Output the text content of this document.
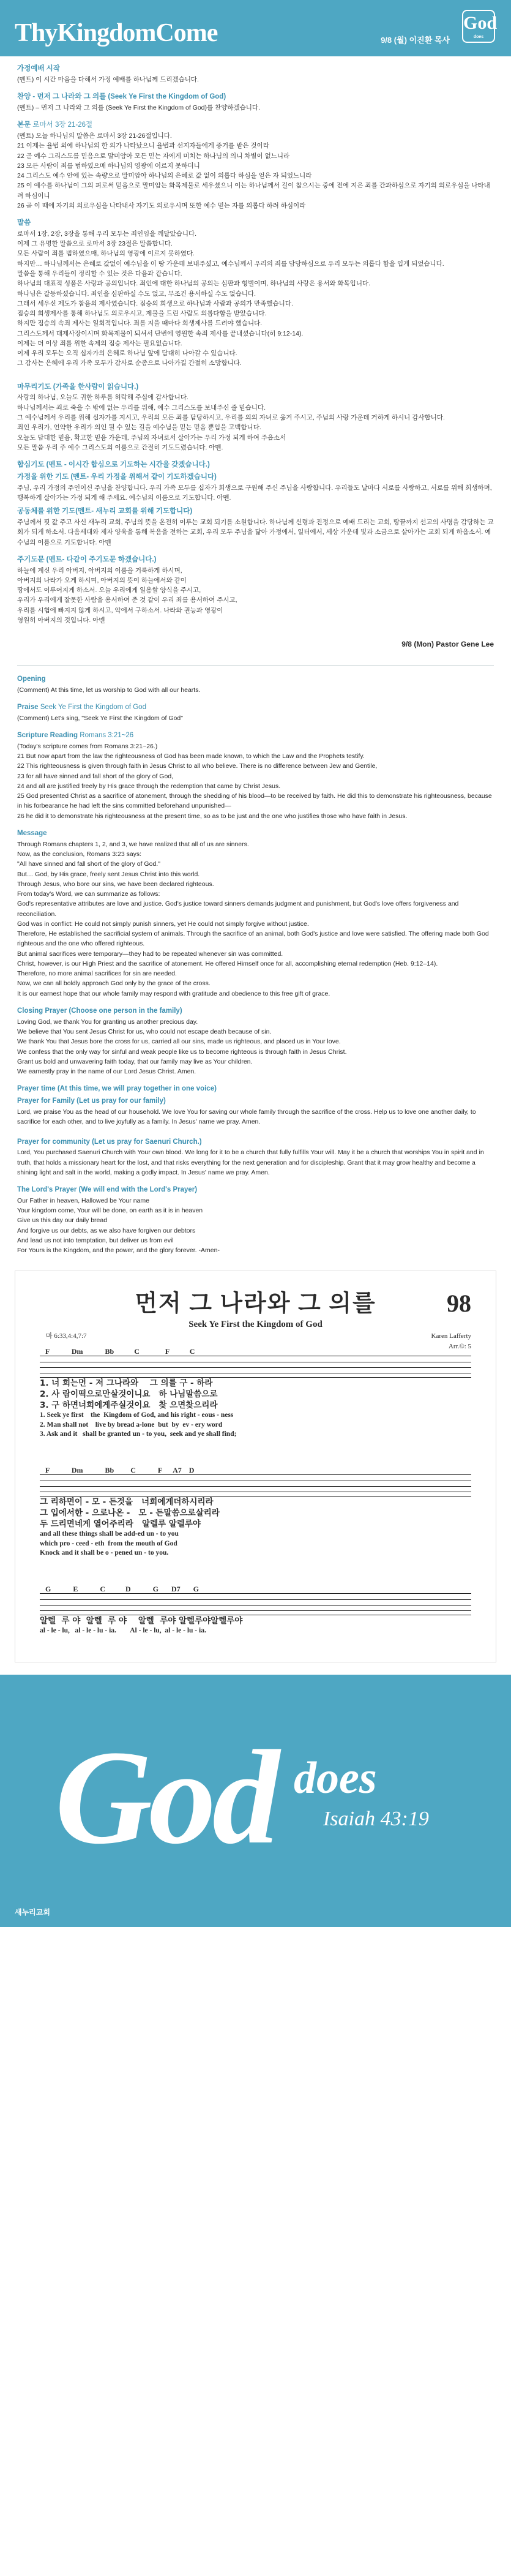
ThyKingdomCome	9/8 (월) 이진환 목사
God
does
가정예배 시작
(멘트) 이 시간 마음을 다해서 가정 예배를 하나님께 드리겠습니다.
찬양 - 먼저 그 나라와 그 의를 (Seek Ye First the Kingdom of God)
(멘트) – 먼저 그 나라와 그 의를 (Seek Ye First the Kingdom of God)를 찬양하겠습니다.
본문 로마서 3장 21-26절
(멘트) 오늘 하나님의 말씀은 로마서 3장 21-26절입니다.
21 이제는 율법 외에 하나님의 한 의가 나타났으니 율법과 선지자들에게 증거를 받은 것이라
22 곧 예수 그리스도를 믿음으로 말미암아 모든 믿는 자에게 미치는 하나님의 의니 차별이 없느니라
23 모든 사람이 죄를 범하였으매 하나님의 영광에 이르지 못하더니
24 그리스도 예수 안에 있는 속량으로 말미암아 하나님의 은혜로 값 없이 의롭다 하심을 얻은 자 되었느니라
25 이 예수를 하나님이 그의 피로써 믿음으로 말미암는 화목제물로 세우셨으니 이는 하나님께서 길이 참으시는 중에 전에 지은 죄를 간과하심으로 자기의 의로우심을 나타내려 하심이니
26 곧 이 때에 자기의 의로우심을 나타내사 자기도 의로우시며 또한 예수 믿는 자를 의롭다 하려 하심이라
말씀
로마서 1장, 2장, 3장을 통해 우리 모두는 죄인임을 깨달았습니다.
이제 그 유명한 말씀으로 로마서 3장 23절은 말씀합니다.
모든 사람이 죄를 범하였으매, 하나님의 영광에 이르지 못하였다.
하지만… 하나님께서는 은혜로 값없이 예수님을 이 땅 가운데 보내주셨고, 예수님께서 우리의 죄를 담당하심으로 우리 모두는 의롭다 함을 입게 되었습니다.
말씀을 통해 우리들이 정리할 수 있는 것은 다음과 같습니다.
하나님의 대표적 성품은 사랑과 공의입니다. 죄인에 대한 하나님의 공의는 심판과 형벌이며, 하나님의 사랑은 용서와 화목입니다.
하나님은 갈등하셨습니다. 죄인을 심판하실 수도 없고, 무조건 용서하실 수도 없습니다.
그래서 세우신 제도가 참음의 제사였습니다. 짐승의 희생으로 하나님과 사람과 공의가 만족했습니다.
짐승의 희생제사를 통해 하나님도 의로우시고, 제물을 드린 사람도 의롭다함을 받았습니다.
하지만 짐승의 속죄 제사는 일회적입니다. 죄를 지을 때마다 희생제사를 드려야 했습니다.
그리스도께서 대제사장이시며 화목제물이 되셔서 단번에 영원한 속죄 제사를 끝내셨습니다(히 9:12-14).
이제는 더 이상 죄를 위한 속제의 짐승 제사는 필요없습니다.
이제 우리 모두는 오직 십자가의 은혜로 하나님 앞에 담대히 나아갈 수 있습니다.
그 감사는 은혜에 우리 가족 모두가 감사로 순종으로 나아가길 간절히 소망합니다.
마무리기도 (가족을 한사람이 읽습니다.)
사랑의 하나님, 오늘도 귀한 하루를 허락해 주심에 감사합니다.
하나님께서는 죄로 죽을 수 밖에 없는 우리를 위해, 예수 그리스도를 보내주신 줄 믿습니다.
그 예수님께서 우리를 위해 십자가를 지시고, 우리의 모든 죄를 담당하시고, 우리를 의의 자녀로 옮겨 주시고, 주님의 사랑 가운데 거하게 하시니 감사합니다.
죄인 우리가, 언약한 우리가 의인 될 수 있는 길을 예수님을 믿는 믿음 뿐임을 고백합니다.
오늘도 담대한 믿음, 확고한 믿음 가운데, 주님의 자녀로서 살아가는 우리 가정 되게 하여 주옵소서
모든 말씀 우리 주 예수 그리스도의 이름으로 간절히 기도드렸습니다. 아멘.
합심기도 (멘트 - 이시간 합심으로 기도하는 시간을 갖겠습니다.)
가정을 위한 기도 (멘트- 우리 가정을 위해서 같이 기도하겠습니다)
주님, 우리 가정의 주인이신 주님을 찬양합니다. 우리 가족 모두를 십자가 희생으로 구원해 주신 주님을 사랑합니다. 우리들도 날마다 서로를 사랑하고, 서로를 위해 희생하며, 행복하게 살아가는 가정 되게 해 주세요. 예수님의 이름으로 기도합니다. 아멘.
공동체를 위한 기도(멘트- 새누리 교회를 위해 기도합니다)
주님께서 핏 값 주고 사신 새누리 교회, 주님의 뜻을 온전히 이루는 교회 되기를 소원합니다. 하나님께 신령과 진정으로 예배 드리는 교회, 땅끝까지 선교의 사명을 감당하는 교회가 되게 하소서. 다음세대와 제자 양육을 통해 복음을 전하는 교회, 우리 모두 주님을 닮아 가정에서, 일터에서, 세상 가운데 빛과 소금으로 살아가는 교회 되게 하옵소서. 예수님의 이름으로 기도합니다. 아멘
주기도문 (멘트- 다같이 주기도문 하겠습니다.)
하늘에 계신 우리 아버지, 아버지의 이름을 거룩하게 하시며,
아버지의 나라가 오게 하시며, 아버지의 뜻이 하늘에서와 같이
땅에서도 이루어지게 하소서. 오늘 우리에게 일용할 양식을 주시고,
우리가 우리에게 잘못한 사람을 용서하여 준 것 같이 우리 죄를 용서하여 주시고,
우리를 시험에 빠지지 않게 하시고, 악에서 구하소서. 나라와 권능과 영광이
영원히 아버지의 것입니다. 아멘
9/8 (Mon) Pastor Gene Lee
Opening
(Comment) At this time, let us worship to God with all our hearts.
Praise Seek Ye First the Kingdom of God
(Comment) Let's sing, "Seek Ye First the Kingdom of God"
Scripture Reading Romans 3:21~26
(Today's scripture comes from Romans 3:21~26.)
21 But now apart from the law the righteousness of God has been made known, to which the Law and the Prophets testify.
22 This righteousness is given through faith in Jesus Christ to all who believe. There is no difference between Jew and Gentile,
23 for all have sinned and fall short of the glory of God,
24 and all are justified freely by His grace through the redemption that came by Christ Jesus.
25 God presented Christ as a sacrifice of atonement, through the shedding of his blood—to be received by faith. He did this to demonstrate his righteousness, because in his forbearance he had left the sins committed beforehand unpunished—
26 he did it to demonstrate his righteousness at the present time, so as to be just and the one who justifies those who have faith in Jesus.
Message
Through Romans chapters 1, 2, and 3, we have realized that all of us are sinners.
Now, as the conclusion, Romans 3:23 says:
"All have sinned and fall short of the glory of God."
But… God, by His grace, freely sent Jesus Christ into this world.
Through Jesus, who bore our sins, we have been declared righteous.
From today's Word, we can summarize as follows:
God's representative attributes are love and justice. God's justice toward sinners demands judgment and punishment, but God's love offers forgiveness and reconciliation.
God was in conflict: He could not simply punish sinners, yet He could not simply forgive without justice.
Therefore, He established the sacrificial system of animals. Through the sacrifice of an animal, both God's justice and love were satisfied. The offering made both God righteous and the one who offered righteous.
But animal sacrifices were temporary—they had to be repeated whenever sin was committed.
Christ, however, is our High Priest and the sacrifice of atonement. He offered Himself once for all, accomplishing eternal redemption (Heb. 9:12–14).
Therefore, no more animal sacrifices for sin are needed.
Now, we can all boldly approach God only by the grace of the cross.
It is our earnest hope that our whole family may respond with gratitude and obedience to this free gift of grace.
Closing Prayer (Choose one person in the family)
Loving God, we thank You for granting us another precious day.
We believe that You sent Jesus Christ for us, who could not escape death because of sin.
We thank You that Jesus bore the cross for us, carried all our sins, made us righteous, and placed us in Your love.
We confess that the only way for sinful and weak people like us to become righteous is through faith in Jesus Christ.
Grant us bold and unwavering faith today, that our family may live as Your children.
We earnestly pray in the name of our Lord Jesus Christ. Amen.
Prayer time (At this time, we will pray together in one voice)
Prayer for Family (Let us pray for our family)
Lord, we praise You as the head of our household. We love You for saving our whole family through the sacrifice of the cross. Help us to love one another daily, to sacrifice for each other, and to live joyfully as a family. In Jesus' name we pray. Amen.
Prayer for community (Let us pray for Saenuri Church.)
Lord, You purchased Saenuri Church with Your own blood. We long for it to be a church that fully fulfills Your will. May it be a church that worships You in spirit and in truth, that holds a missionary heart for the lost, and that risks everything for the next generation and for discipleship. Grant that it may grow healthy and become a shining light and salt in the world, making a godly impact. In Jesus' name we pray. Amen.
The Lord's Prayer (We will end with the Lord's Prayer)
Our Father in heaven, Hallowed be Your name
Your kingdom come, Your will be done, on earth as it is in heaven
Give us this day our daily bread
And forgive us our debts, as we also have forgiven our debtors
And lead us not into temptation, but deliver us from evil
For Yours is the Kingdom, and the power, and the glory forever. -Amen-
먼저 그 나라와 그 의를	98
Seek Ye First the Kingdom of God
마 6:33,4:4,7:7	Karen Lafferty
Arr.©: 5
F            Dm            Bb           C              F           C
1. 너 희는먼 - 저 그나라와    그 의를 구 - 하라
2. 사 람이떡으로만살것이니요   하 나님말씀으로
3. 구 하면너희에게주실것이요   찾 으면찾으리라
1. Seek ye first    the  Kingdom of God, and his right - eous - ness
2. Man shall not    live by bread a-lone  but  by  ev - ery word
3. Ask and it   shall be granted un - to you,  seek and ye shall find;
F            Dm            Bb         C            F      A7    D
그 리하면이 - 모 - 든것을   너희에게더하시리라
그 입에서한 - 으로나온 -   모 - 든말씀으로살리라
두 드리면네게 열어주리라   알렐루 알렐루야
and all these things shall be add-ed un - to you
which pro - ceed - eth  from the mouth of God
Knock and it shall be o - pened un - to you.
G            E            C           D            G       D7       G
알렐  루 야  알렐  루 야    알렐  루야 알렐루야알렐루야
al - le - lu,   al - le - lu - ia.        Al - le - lu,  al - le - lu - ia.
God does
Isaiah 43:19
새누리교회
